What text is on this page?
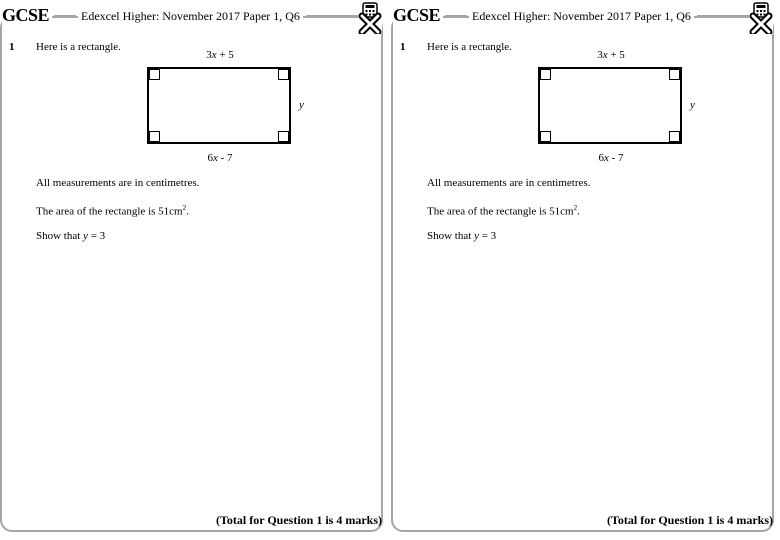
GCSE	Edexcel Higher: November 2017 Paper 1, Q6
1 Here is a rectangle.
3x + 5
y
6x - 7
All measurements are in centimetres.
The area of the rectangle is $51cm^2$.
Show that y = 3
(Total for Question 1 is 4 marks)
GCSE	Edexcel Higher: November 2017 Paper 1, Q6
1 Here is a rectangle.
3x + 5
y
6x - 7
All measurements are in centimetres.
The area of the rectangle is $51cm^2$.
Show that y = 3
(Total for Question 1 is 4 marks)
